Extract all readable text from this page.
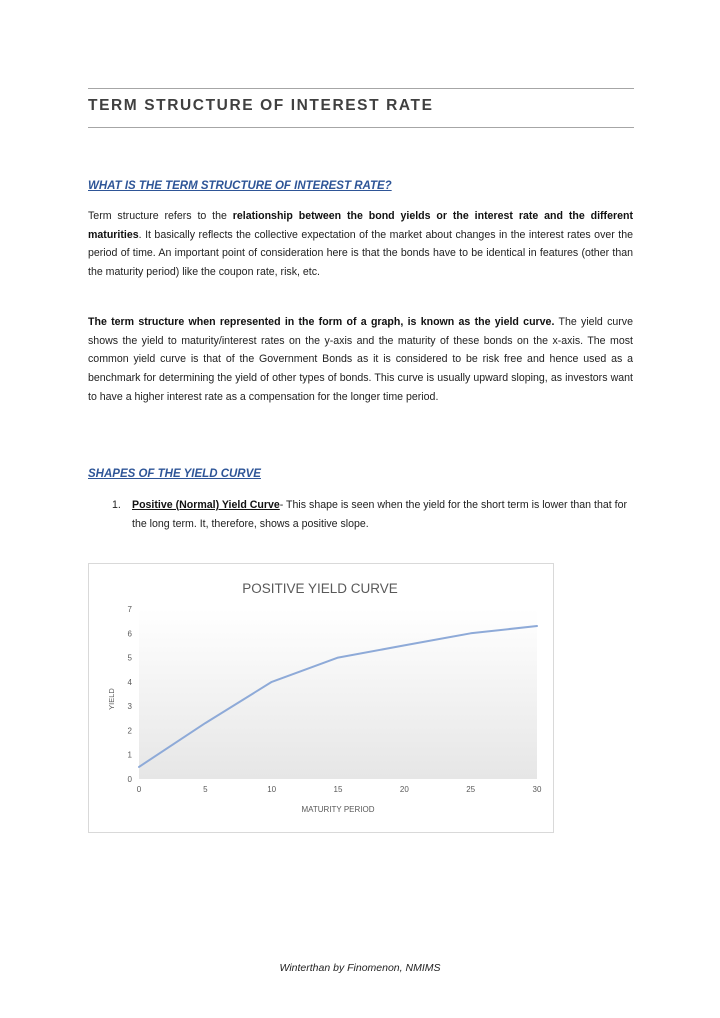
TERM STRUCTURE OF INTEREST RATE
WHAT IS THE TERM STRUCTURE OF INTEREST RATE?

Term structure refers to the relationship between the bond yields or the interest rate and the different maturities. It basically reflects the collective expectation of the market about changes in the interest rates over the period of time. An important point of consideration here is that the bonds have to be identical in features (other than the maturity period) like the coupon rate, risk, etc.

The term structure when represented in the form of a graph, is known as the yield curve. The yield curve shows the yield to maturity/interest rates on the y-axis and the maturity of these bonds on the x-axis. The most common yield curve is that of the Government Bonds as it is considered to be risk free and hence used as a benchmark for determining the yield of other types of bonds. This curve is usually upward sloping, as investors want to have a higher interest rate as a compensation for the longer time period.

SHAPES OF THE YIELD CURVE
1. Positive (Normal) Yield Curve- This shape is seen when the yield for the short term is lower than that for the long term. It, therefore, shows a positive slope.

POSITIVE YIELD CURVE
MATURITY PERIOD
YIELD
0	5	10	15	20	25	30
0
1
2
3
4
5
6
7
Winterthan by Finomenon, NMIMS
